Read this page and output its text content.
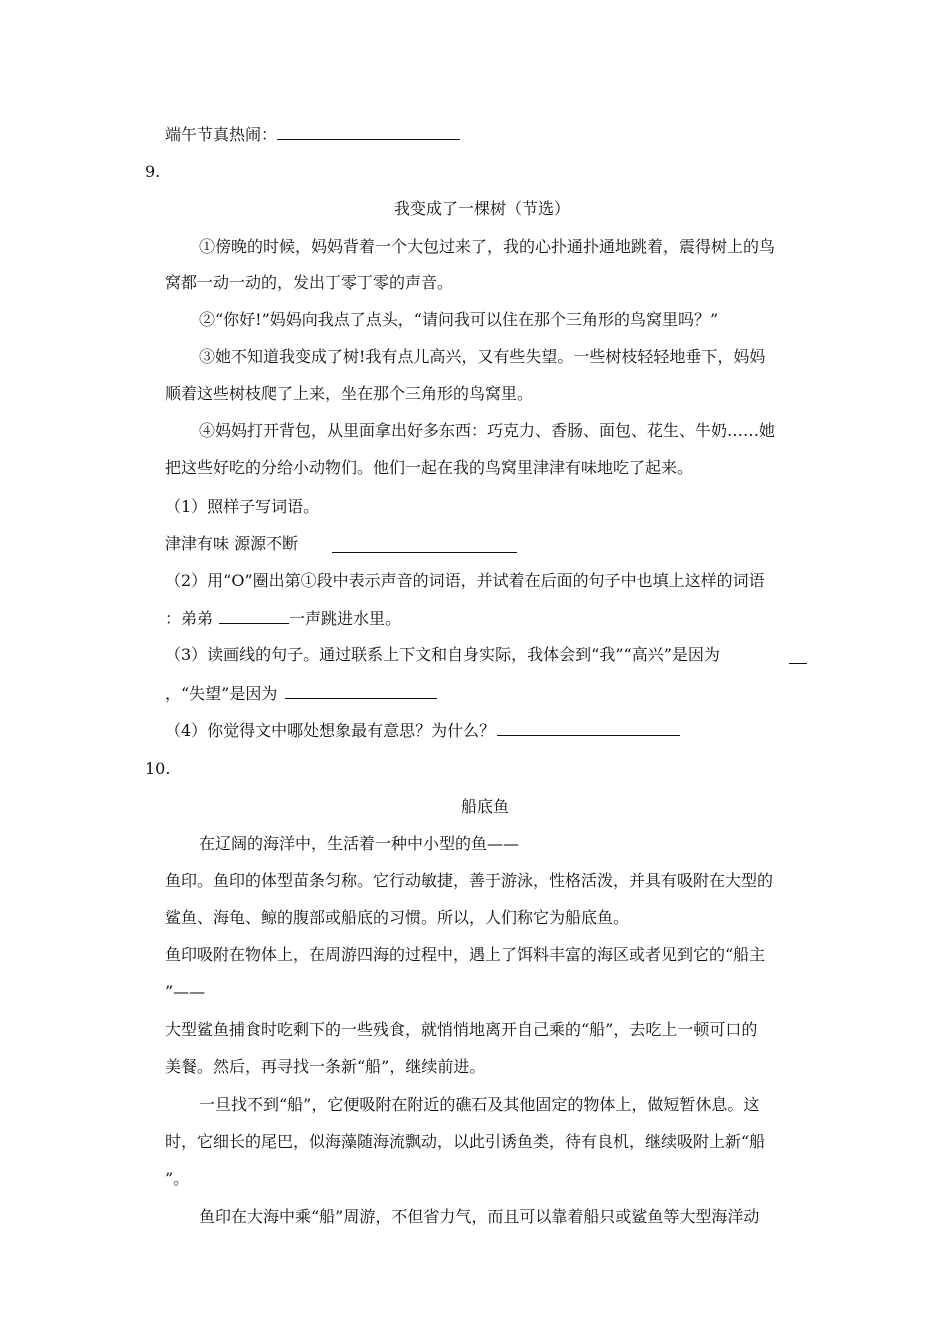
端午节真热闹：
9.
我变成了一棵树（节选）
①傍晚的时候，妈妈背着一个大包过来了，我的心扑通扑通地跳着，震得树上的鸟
窝都一动一动的，发出丁零丁零的声音。
②“你好!”妈妈向我点了点头，“请问我可以住在那个三角形的鸟窝里吗？”
③她不知道我变成了树!我有点儿高兴，又有些失望。一些树枝轻轻地垂下，妈妈
顺着这些树枝爬了上来，坐在那个三角形的鸟窝里。
④妈妈打开背包，从里面拿出好多东西：巧克力、香肠、面包、花生、牛奶……她
把这些好吃的分给小动物们。他们一起在我的鸟窝里津津有味地吃了起来。
（1）照样子写词语。
津津有味 源源不断
（2）用“O”圈出第①段中表示声音的词语，并试着在后面的句子中也填上这样的词语
：弟弟	一声跳进水里。
（3）读画线的句子。通过联系上下文和自身实际，我体会到“我”“高兴”是因为
，“失望”是因为
（4）你觉得文中哪处想象最有意思？为什么？
10.
船底鱼
在辽阔的海洋中，生活着一种中小型的鱼——
鱼印。鱼印的体型苗条匀称。它行动敏捷，善于游泳，性格活泼，并具有吸附在大型的
鲨鱼、海龟、鲸的腹部或船底的习惯。所以，人们称它为船底鱼。
鱼印吸附在物体上，在周游四海的过程中，遇上了饵料丰富的海区或者见到它的“船主
”——
大型鲨鱼捕食时吃剩下的一些残食，就悄悄地离开自己乘的“船”，去吃上一顿可口的
美餐。然后，再寻找一条新“船”，继续前进。
一旦找不到“船”，它便吸附在附近的礁石及其他固定的物体上，做短暂休息。这
时，它细长的尾巴，似海藻随海流飘动，以此引诱鱼类，待有良机，继续吸附上新“船
”。
鱼印在大海中乘“船”周游，不但省力气，而且可以靠着船只或鲨鱼等大型海洋动
